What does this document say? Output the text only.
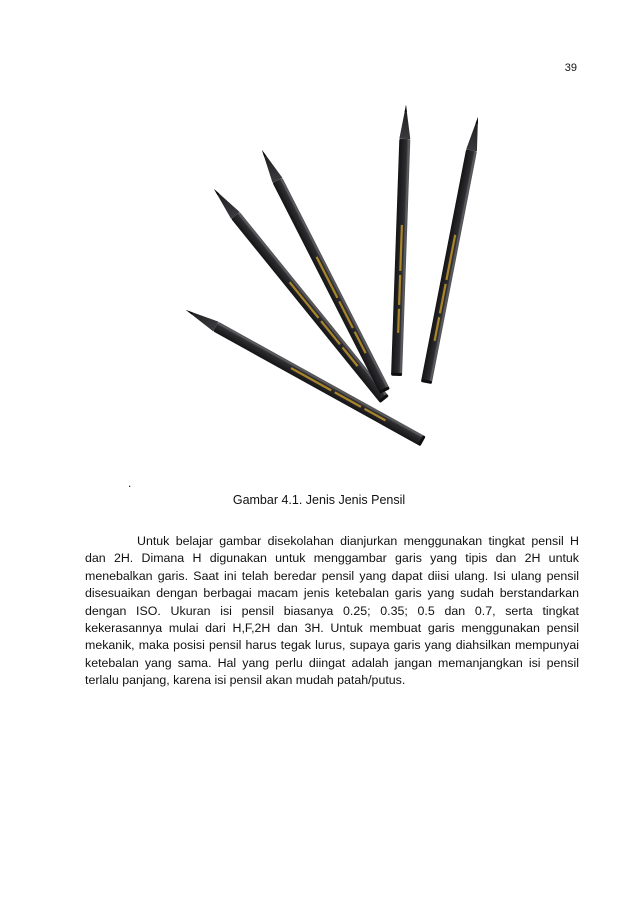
39
.
Gambar 4.1. Jenis Jenis Pensil

Untuk belajar gambar disekolahan dianjurkan menggunakan tingkat pensil H dan 2H. Dimana H digunakan untuk menggambar garis yang tipis dan 2H untuk menebalkan garis. Saat ini telah beredar pensil yang dapat diisi ulang. Isi ulang pensil disesuaikan dengan berbagai macam jenis ketebalan garis yang sudah berstandarkan dengan ISO. Ukuran isi pensil biasanya 0.25; 0.35; 0.5 dan 0.7, serta tingkat kekerasannya mulai dari H,F,2H dan 3H. Untuk membuat garis menggunakan pensil mekanik, maka posisi pensil harus tegak lurus, supaya garis yang diahsilkan mempunyai ketebalan yang sama. Hal yang perlu diingat adalah jangan memanjangkan isi pensil terlalu panjang, karena isi pensil akan mudah patah/putus.
